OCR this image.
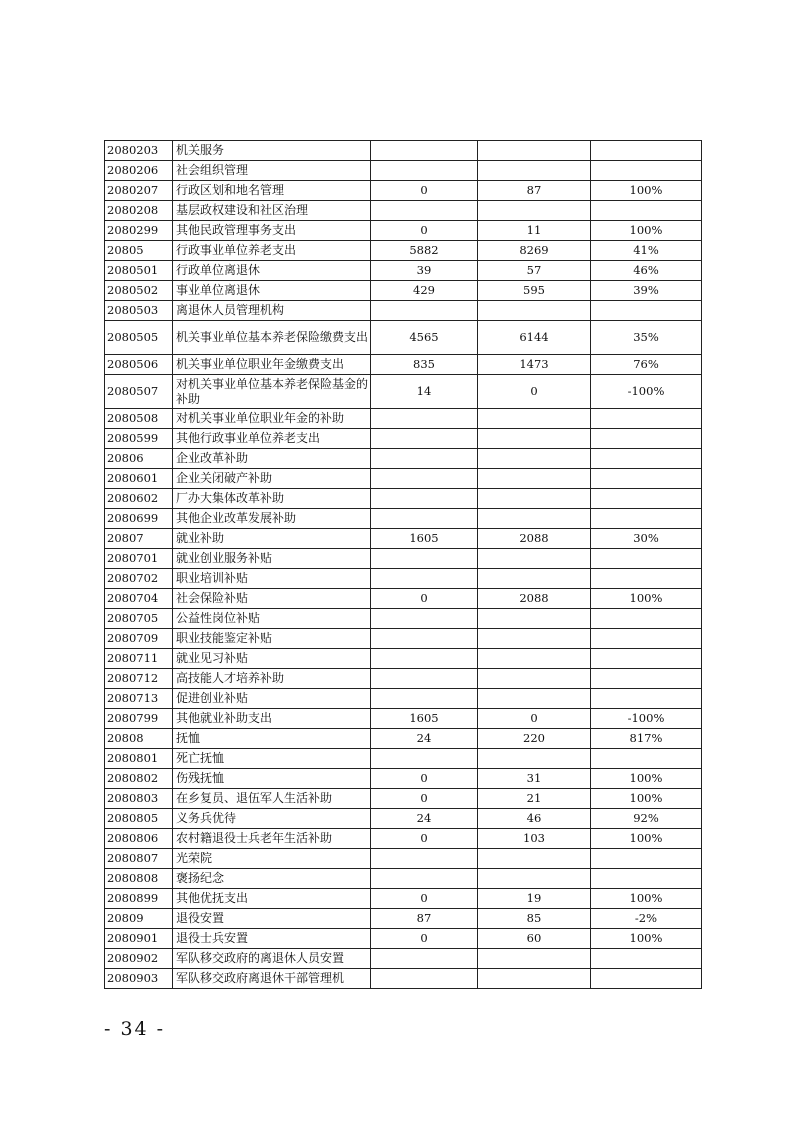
2080203	机关服务			
2080206	社会组织管理			
2080207	行政区划和地名管理	0	87	100%
2080208	基层政权建设和社区治理			
2080299	其他民政管理事务支出	0	11	100%
20805	行政事业单位养老支出	5882	8269	41%
2080501	行政单位离退休	39	57	46%
2080502	事业单位离退休	429	595	39%
2080503	离退休人员管理机构			
2080505	机关事业单位基本养老保险缴费支出	4565	6144	35%
2080506	机关事业单位职业年金缴费支出	835	1473	76%
2080507	对机关事业单位基本养老保险基金的补助	14	0	-100%
2080508	对机关事业单位职业年金的补助			
2080599	其他行政事业单位养老支出			
20806	企业改革补助			
2080601	企业关闭破产补助			
2080602	厂办大集体改革补助			
2080699	其他企业改革发展补助			
20807	就业补助	1605	2088	30%
2080701	就业创业服务补贴			
2080702	职业培训补贴			
2080704	社会保险补贴	0	2088	100%
2080705	公益性岗位补贴			
2080709	职业技能鉴定补贴			
2080711	就业见习补贴			
2080712	高技能人才培养补助			
2080713	促进创业补贴			
2080799	其他就业补助支出	1605	0	-100%
20808	抚恤	24	220	817%
2080801	死亡抚恤			
2080802	伤残抚恤	0	31	100%
2080803	在乡复员、退伍军人生活补助	0	21	100%
2080805	义务兵优待	24	46	92%
2080806	农村籍退役士兵老年生活补助	0	103	100%
2080807	光荣院			
2080808	褒扬纪念			
2080899	其他优抚支出	0	19	100%
20809	退役安置	87	85	-2%
2080901	退役士兵安置	0	60	100%
2080902	军队移交政府的离退休人员安置			
2080903	军队移交政府离退休干部管理机			
- 34 -
